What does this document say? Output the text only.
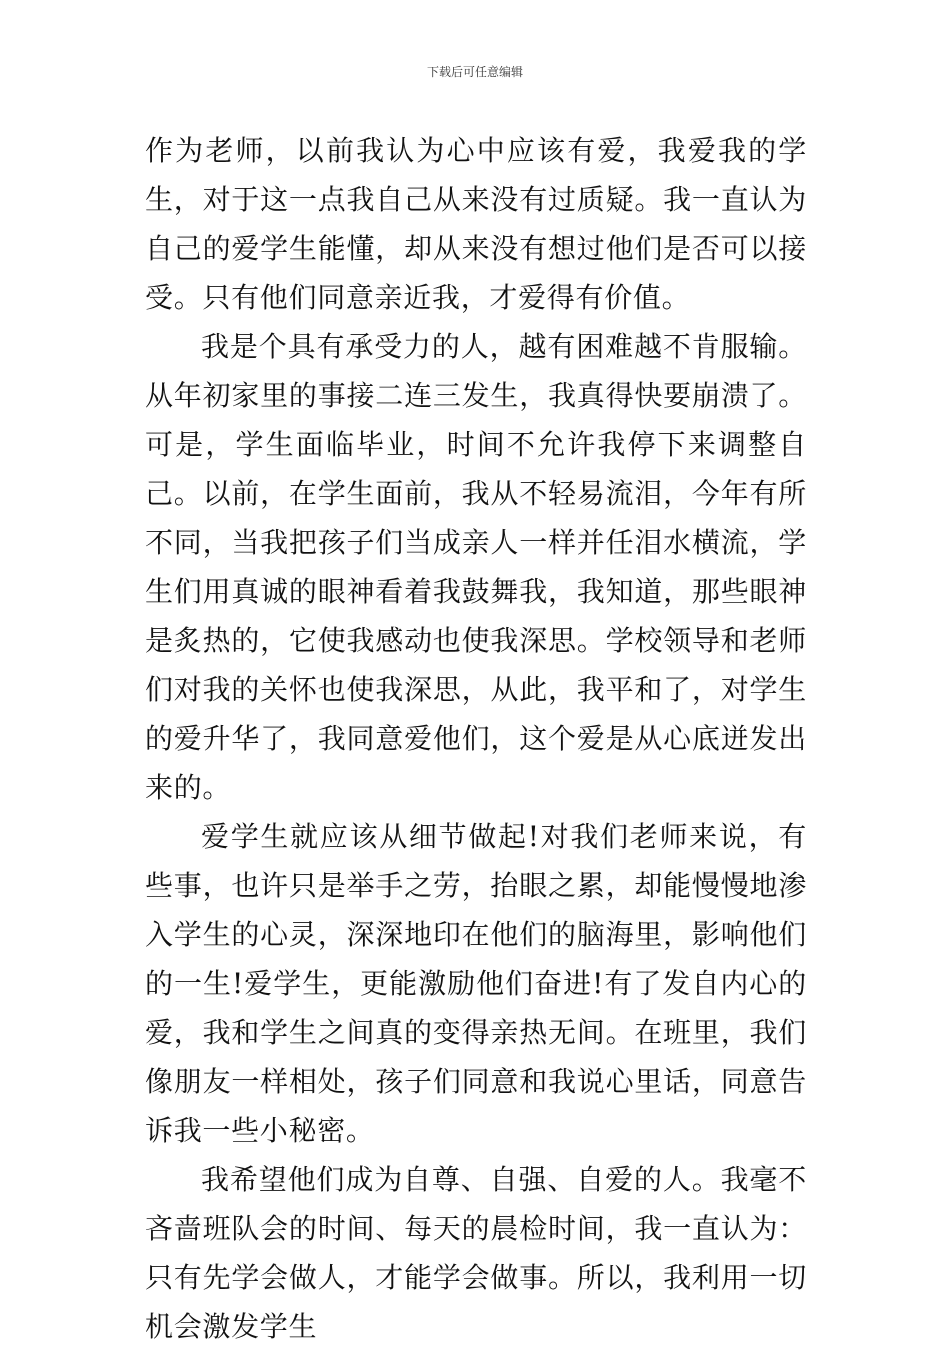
下载后可任意编辑

作为老师，以前我认为心中应该有爱，我爱我的学生，对于这一点我自己从来没有过质疑。我一直认为自己的爱学生能懂，却从来没有想过他们是否可以接受。只有他们同意亲近我，才爱得有价值。

我是个具有承受力的人，越有困难越不肯服输。从年初家里的事接二连三发生，我真得快要崩溃了。可是，学生面临毕业，时间不允许我停下来调整自己。以前，在学生面前，我从不轻易流泪，今年有所不同，当我把孩子们当成亲人一样并任泪水横流，学生们用真诚的眼神看着我鼓舞我，我知道，那些眼神是炙热的，它使我感动也使我深思。学校领导和老师们对我的关怀也使我深思，从此，我平和了，对学生的爱升华了，我同意爱他们，这个爱是从心底迸发出来的。

爱学生就应该从细节做起!对我们老师来说，有些事，也许只是举手之劳，抬眼之累，却能慢慢地渗入学生的心灵，深深地印在他们的脑海里，影响他们的一生!爱学生，更能激励他们奋进!有了发自内心的爱，我和学生之间真的变得亲热无间。在班里，我们像朋友一样相处，孩子们同意和我说心里话，同意告诉我一些小秘密。

我希望他们成为自尊、自强、自爱的人。我毫不吝啬班队会的时间、每天的晨检时间，我一直认为：只有先学会做人，才能学会做事。所以，我利用一切机会激发学生
